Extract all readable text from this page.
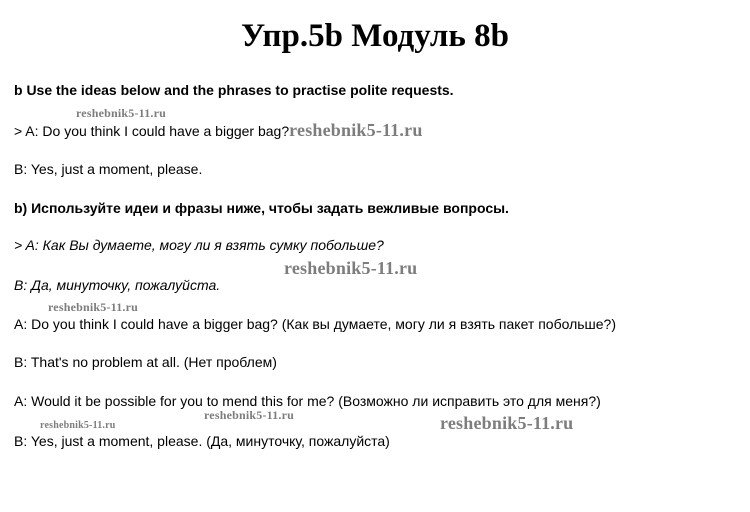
Упр.5b Модуль 8b
b Use the ideas below and the phrases to practise polite requests.
reshebnik5-11.ru
> A: Do you think I could have a bigger bag?reshebnik5-11.ru
B: Yes, just a moment, please.
b) Используйте идеи и фразы ниже, чтобы задать вежливые вопросы.
> A: Как Вы думаете, могу ли я взять сумку побольше?
reshebnik5-11.ru
B: Да, минуточку, пожалуйста.
reshebnik5-11.ru
A: Do you think I could have a bigger bag? (Как вы думаете, могу ли я взять пакет побольше?)
B: That's no problem at all. (Нет проблем)
A: Would it be possible for you to mend this for me? (Возможно ли исправить это для меня?)
reshebnik5-11.ru	reshebnik5-11.ru
reshebnik5-11.ru
B: Yes, just a moment, please. (Да, минуточку, пожалуйста)
